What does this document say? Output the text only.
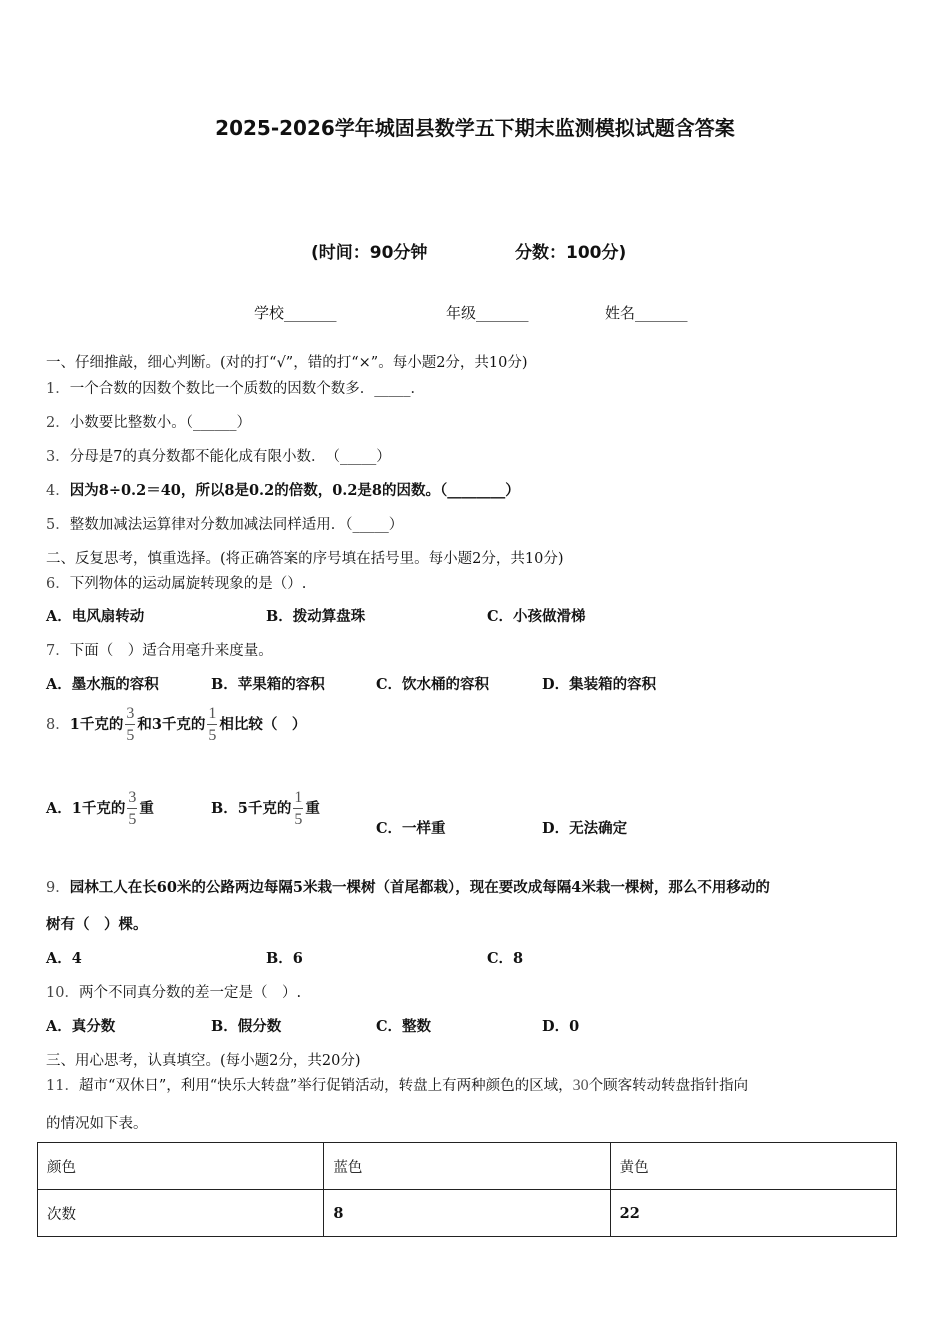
2025-2026学年城固县数学五下期末监测模拟试题含答案
(时间：90分钟	分数：100分)
学校_______	年级_______	姓名_______
一、仔细推敲，细心判断。(对的打“√”，错的打“×”。每小题2分，共10分)
1．一个合数的因数个数比一个质数的因数个数多．_____．
2．小数要比整数小。（______）
3．分母是7的真分数都不能化成有限小数．　（_____）
4．因为8÷0.2＝40，所以8是0.2的倍数，0.2是8的因数。（________）
5．整数加减法运算律对分数加减法同样适用．（_____）
二、反复思考，慎重选择。(将正确答案的序号填在括号里。每小题2分，共10分)
6．下列物体的运动属旋转现象的是（）.
A．电风扇转动	B．拨动算盘珠	C．小孩做滑梯
7．下面（　）适合用毫升来度量。
A．墨水瓶的容积	B．苹果箱的容积	C．饮水桶的容积	D．集装箱的容积
8．1千克的 $\frac{3}{5}$ 和3千克的 $\frac{1}{5}$ 相比较（　）
A．1千克的 $\frac{3}{5}$ 重	B．5千克的 $\frac{1}{5}$ 重
C．一样重	D．无法确定
9．园林工人在长60米的公路两边每隔5米栽一棵树（首尾都栽），现在要改成每隔4米栽一棵树，那么不用移动的
树有（　）棵。
A．4	B．6	C．8
10．两个不同真分数的差一定是（　）.
A．真分数	B．假分数	C．整数	D．0
三、用心思考，认真填空。(每小题2分，共20分)
11．超市“双休日”，利用“快乐大转盘”举行促销活动，转盘上有两种颜色的区域，30个顾客转动转盘指针指向
的情况如下表。
颜色	蓝色	黄色
次数	8	22
